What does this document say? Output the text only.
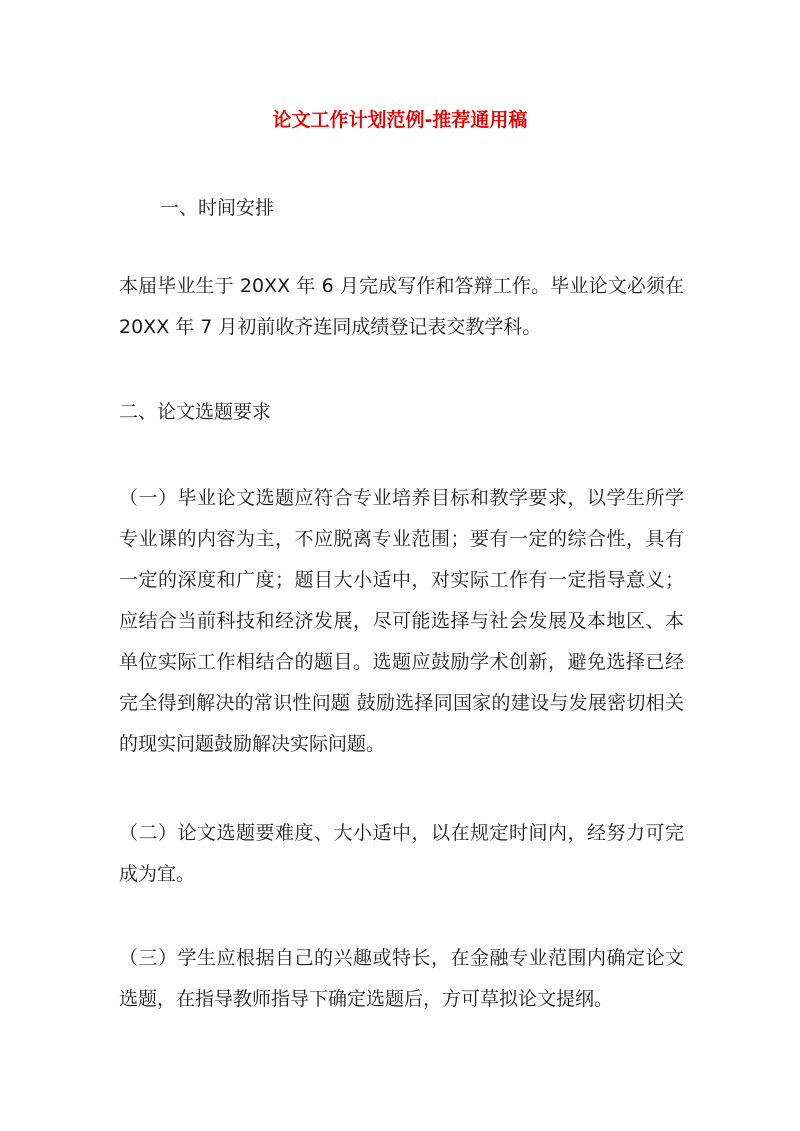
论文工作计划范例-推荐通用稿

一、时间安排

本届毕业生于 20XX 年 6 月完成写作和答辩工作。毕业论文必须在 20XX 年 7 月初前收齐连同成绩登记表交教学科。

二、论文选题要求

（一）毕业论文选题应符合专业培养目标和教学要求，以学生所学专业课的内容为主，不应脱离专业范围；要有一定的综合性，具有一定的深度和广度；题目大小适中，对实际工作有一定指导意义；应结合当前科技和经济发展，尽可能选择与社会发展及本地区、本单位实际工作相结合的题目。选题应鼓励学术创新，避免选择已经完全得到解决的常识性问题 鼓励选择同国家的建设与发展密切相关的现实问题鼓励解决实际问题。

（二）论文选题要难度、大小适中，以在规定时间内，经努力可完成为宜。

（三）学生应根据自己的兴趣或特长，在金融专业范围内确定论文选题，在指导教师指导下确定选题后，方可草拟论文提纲。
